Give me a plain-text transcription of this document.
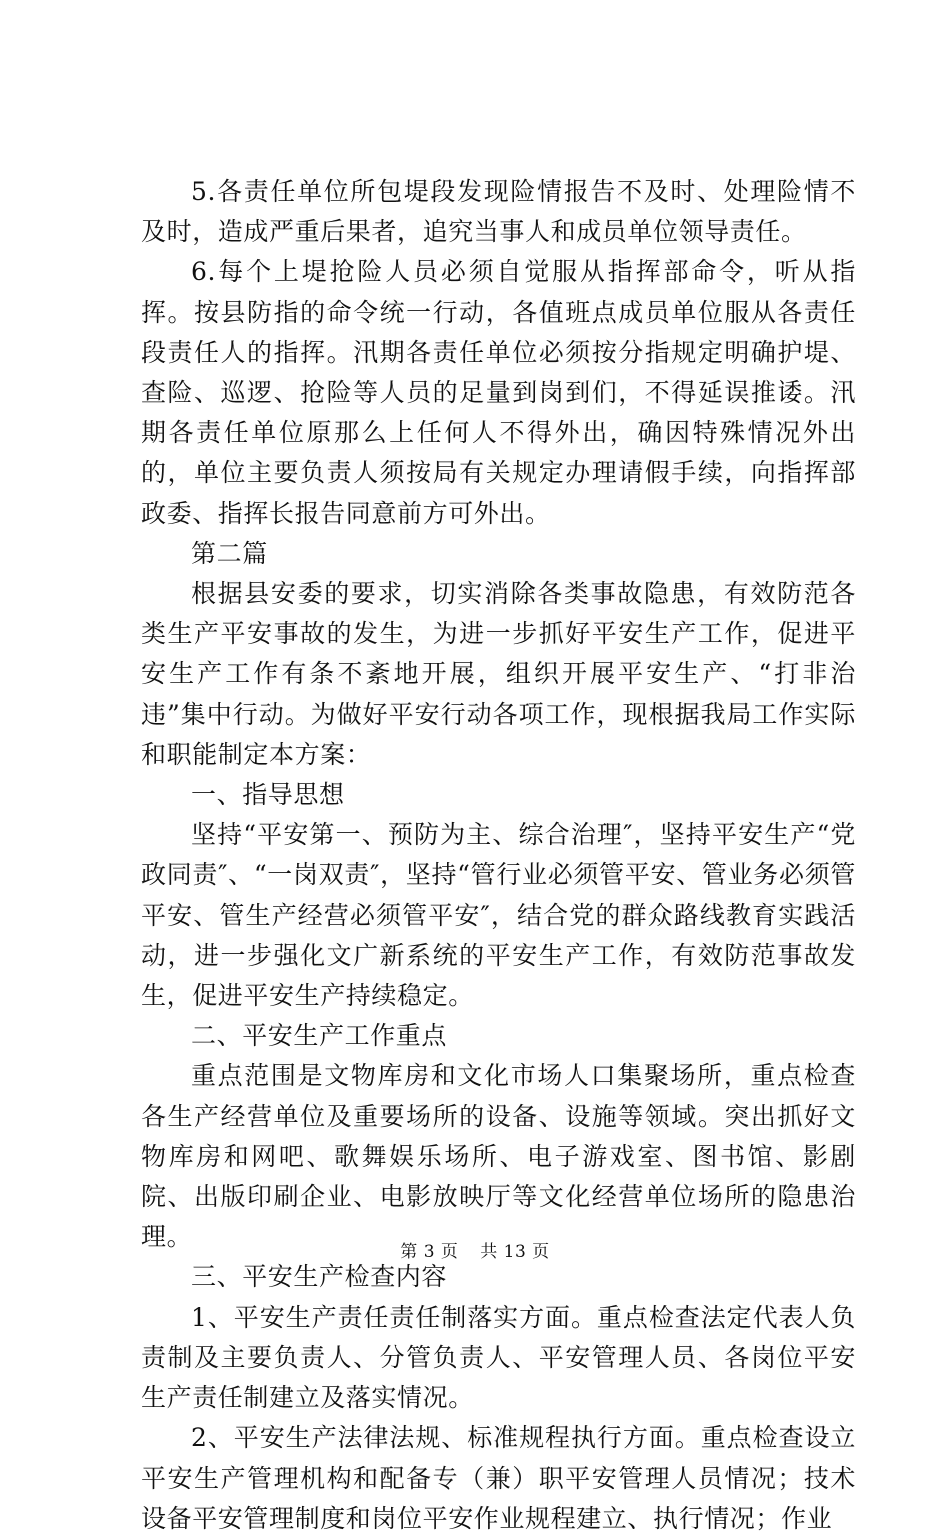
5.各责任单位所包堤段发现险情报告不及时、处理险情不及时，造成严重后果者，追究当事人和成员单位领导责任。

6.每个上堤抢险人员必须自觉服从指挥部命令，听从指挥。按县防指的命令统一行动，各值班点成员单位服从各责任段责任人的指挥。汛期各责任单位必须按分指规定明确护堤、查险、巡逻、抢险等人员的足量到岗到们，不得延误推诿。汛期各责任单位原那么上任何人不得外出，确因特殊情况外出的，单位主要负责人须按局有关规定办理请假手续，向指挥部政委、指挥长报告同意前方可外出。

第二篇

根据县安委的要求，切实消除各类事故隐患，有效防范各类生产平安事故的发生，为进一步抓好平安生产工作，促进平安生产工作有条不紊地开展，组织开展平安生产、“打非治违”集中行动。为做好平安行动各项工作，现根据我局工作实际和职能制定本方案：

一、指导思想

坚持“平安第一、预防为主、综合治理″，坚持平安生产“党政同责″、“一岗双责″，坚持“管行业必须管平安、管业务必须管平安、管生产经营必须管平安″，结合党的群众路线教育实践活动，进一步强化文广新系统的平安生产工作，有效防范事故发生，促进平安生产持续稳定。

二、平安生产工作重点

重点范围是文物库房和文化市场人口集聚场所，重点检查各生产经营单位及重要场所的设备、设施等领域。突出抓好文物库房和网吧、歌舞娱乐场所、电子游戏室、图书馆、影剧院、出版印刷企业、电影放映厅等文化经营单位场所的隐患治理。

三、平安生产检查内容

1、平安生产责任责任制落实方面。重点检查法定代表人负责制及主要负责人、分管负责人、平安管理人员、各岗位平安生产责任制建立及落实情况。

2、平安生产法律法规、标准规程执行方面。重点检查设立平安生产管理机构和配备专（兼）职平安管理人员情况；技术设备平安管理制度和岗位平安作业规程建立、执行情况；作业

第 3 页 共 13 页
